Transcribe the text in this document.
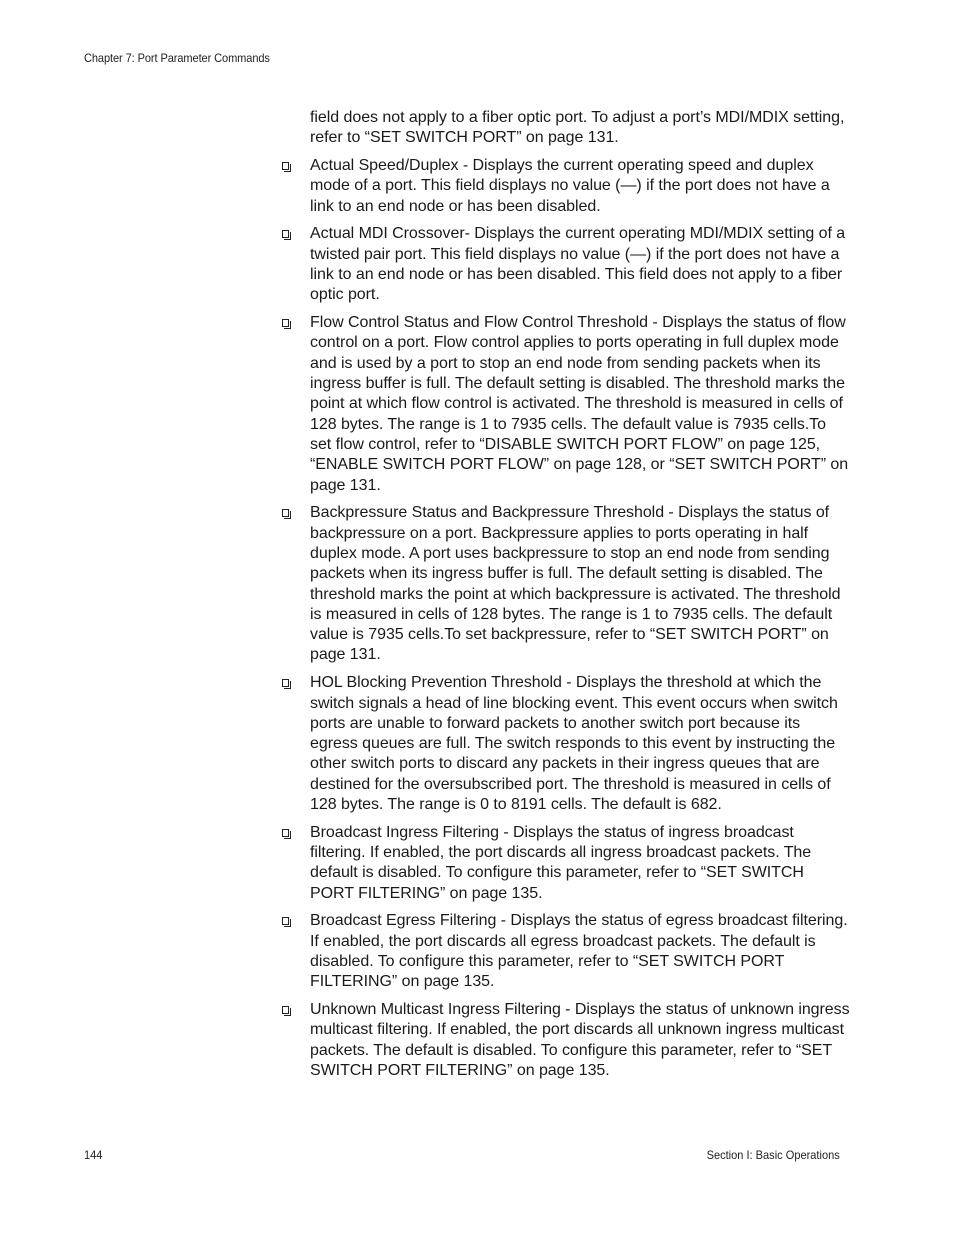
Chapter 7: Port Parameter Commands

field does not apply to a fiber optic port. To adjust a port’s MDI/MDIX setting, refer to “SET SWITCH PORT” on page 131.

Actual Speed/Duplex - Displays the current operating speed and duplex mode of a port. This field displays no value (—) if the port does not have a link to an end node or has been disabled.
Actual MDI Crossover- Displays the current operating MDI/MDIX setting of a twisted pair port. This field displays no value (—) if the port does not have a link to an end node or has been disabled. This field does not apply to a fiber optic port.
Flow Control Status and Flow Control Threshold - Displays the status of flow control on a port. Flow control applies to ports operating in full duplex mode and is used by a port to stop an end node from sending packets when its ingress buffer is full. The default setting is disabled. The threshold marks the point at which flow control is activated. The threshold is measured in cells of 128 bytes. The range is 1 to 7935 cells. The default value is 7935 cells.To set flow control, refer to “DISABLE SWITCH PORT FLOW” on page 125, “ENABLE SWITCH PORT FLOW” on page 128, or “SET SWITCH PORT” on page 131.
Backpressure Status and Backpressure Threshold - Displays the status of backpressure on a port. Backpressure applies to ports operating in half duplex mode. A port uses backpressure to stop an end node from sending packets when its ingress buffer is full. The default setting is disabled. The threshold marks the point at which backpressure is activated. The threshold is measured in cells of 128 bytes. The range is 1 to 7935 cells. The default value is 7935 cells.To set backpressure, refer to “SET SWITCH PORT” on page 131.
HOL Blocking Prevention Threshold - Displays the threshold at which the switch signals a head of line blocking event. This event occurs when switch ports are unable to forward packets to another switch port because its egress queues are full. The switch responds to this event by instructing the other switch ports to discard any packets in their ingress queues that are destined for the oversubscribed port. The threshold is measured in cells of 128 bytes. The range is 0 to 8191 cells. The default is 682.
Broadcast Ingress Filtering - Displays the status of ingress broadcast filtering. If enabled, the port discards all ingress broadcast packets. The default is disabled. To configure this parameter, refer to “SET SWITCH PORT FILTERING” on page 135.
Broadcast Egress Filtering - Displays the status of egress broadcast filtering. If enabled, the port discards all egress broadcast packets. The default is disabled. To configure this parameter, refer to “SET SWITCH PORT FILTERING” on page 135.
Unknown Multicast Ingress Filtering - Displays the status of unknown ingress multicast filtering. If enabled, the port discards all unknown ingress multicast packets. The default is disabled. To configure this parameter, refer to “SET SWITCH PORT FILTERING” on page 135.
144	Section I: Basic Operations
